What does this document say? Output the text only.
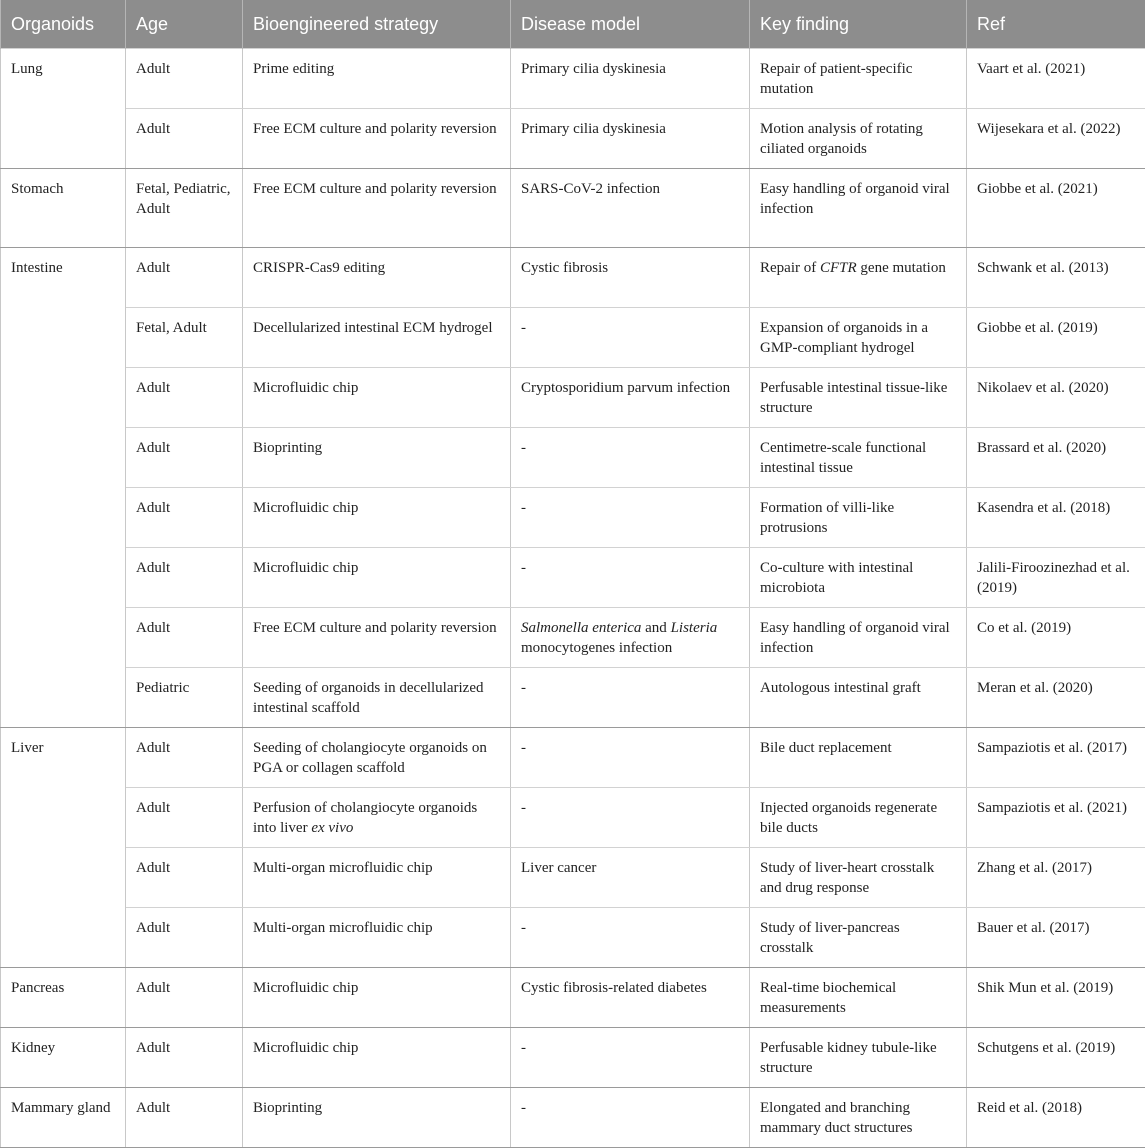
Organoids	Age	Bioengineered strategy	Disease model	Key finding	Ref
Lung	Adult	Prime editing	Primary cilia dyskinesia	Repair of patient-specific mutation	Vaart et al. (2021)
	Adult	Free ECM culture and polarity reversion	Primary cilia dyskinesia	Motion analysis of rotating ciliated organoids	Wijesekara et al. (2022)
Stomach	Fetal, Pediatric, Adult	Free ECM culture and polarity reversion	SARS-CoV-2 infection	Easy handling of organoid viral infection	Giobbe et al. (2021)
Intestine	Adult	CRISPR-Cas9 editing	Cystic fibrosis	Repair of CFTR gene mutation	Schwank et al. (2013)
	Fetal, Adult	Decellularized intestinal ECM hydrogel	-	Expansion of organoids in a GMP-compliant hydrogel	Giobbe et al. (2019)
	Adult	Microfluidic chip	Cryptosporidium parvum infection	Perfusable intestinal tissue-like structure	Nikolaev et al. (2020)
	Adult	Bioprinting	-	Centimetre-scale functional intestinal tissue	Brassard et al. (2020)
	Adult	Microfluidic chip	-	Formation of villi-like protrusions	Kasendra et al. (2018)
	Adult	Microfluidic chip	-	Co-culture with intestinal microbiota	Jalili-Firoozinezhad et al. (2019)
	Adult	Free ECM culture and polarity reversion	Salmonella enterica and Listeria monocytogenes infection	Easy handling of organoid viral infection	Co et al. (2019)
	Pediatric	Seeding of organoids in decellularized intestinal scaffold	-	Autologous intestinal graft	Meran et al. (2020)
Liver	Adult	Seeding of cholangiocyte organoids on PGA or collagen scaffold	-	Bile duct replacement	Sampaziotis et al. (2017)
	Adult	Perfusion of cholangiocyte organoids into liver ex vivo	-	Injected organoids regenerate bile ducts	Sampaziotis et al. (2021)
	Adult	Multi-organ microfluidic chip	Liver cancer	Study of liver-heart crosstalk and drug response	Zhang et al. (2017)
	Adult	Multi-organ microfluidic chip	-	Study of liver-pancreas crosstalk	Bauer et al. (2017)
Pancreas	Adult	Microfluidic chip	Cystic fibrosis-related diabetes	Real-time biochemical measurements	Shik Mun et al. (2019)
Kidney	Adult	Microfluidic chip	-	Perfusable kidney tubule-like structure	Schutgens et al. (2019)
Mammary gland	Adult	Bioprinting	-	Elongated and branching mammary duct structures	Reid et al. (2018)
